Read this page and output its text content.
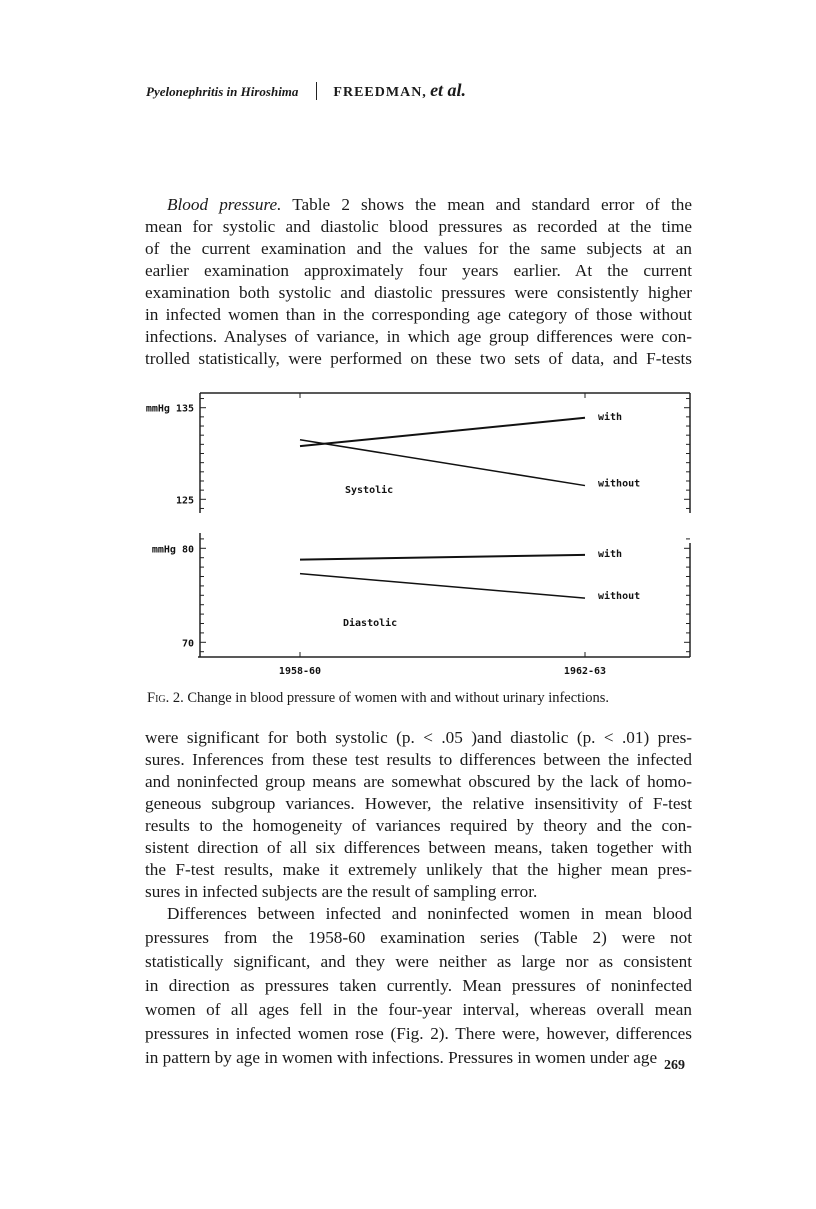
Pyelonephritis in Hiroshima	FREEDMAN, et al.
Blood pressure. Table 2 shows the mean and standard error of the
mean for systolic and diastolic blood pressures as recorded at the time
of the current examination and the values for the same subjects at an
earlier examination approximately four years earlier. At the current
examination both systolic and diastolic pressures were consistently higher
in infected women than in the corresponding age category of those without
infections. Analyses of variance, in which age group differences were con-
trolled statistically, were performed on these two sets of data, and F-tests
1958-60	1962-63
mmHg 135
125
with
without
Systolic
mmHg 80
70
with
without
Diastolic
Fig. 2. Change in blood pressure of women with and without urinary infections.
were significant for both systolic (p. < .05 )and diastolic (p. < .01) pres-
sures. Inferences from these test results to differences between the infected
and noninfected group means are somewhat obscured by the lack of homo-
geneous subgroup variances. However, the relative insensitivity of F-test
results to the homogeneity of variances required by theory and the con-
sistent direction of all six differences between means, taken together with
the F-test results, make it extremely unlikely that the higher mean pres-
sures in infected subjects are the result of sampling error.
Differences between infected and noninfected women in mean blood
pressures from the 1958-60 examination series (Table 2) were not
statistically significant, and they were neither as large nor as consistent
in direction as pressures taken currently. Mean pressures of noninfected
women of all ages fell in the four-year interval, whereas overall mean
pressures in infected women rose (Fig. 2). There were, however, differences
in pattern by age in women with infections. Pressures in women under age 269
